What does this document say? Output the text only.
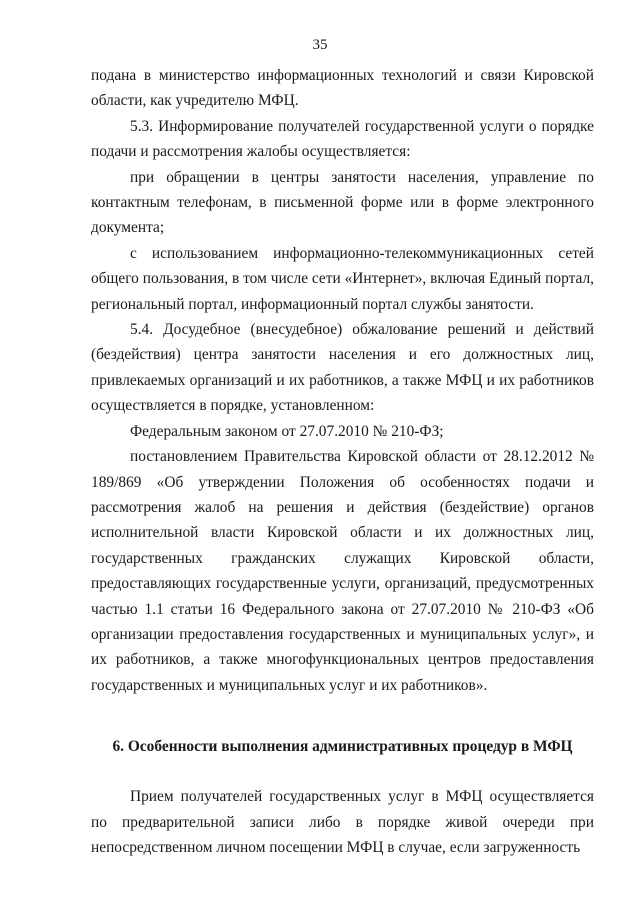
35

подана в министерство информационных технологий и связи Кировской области, как учредителю МФЦ.

5.3. Информирование получателей государственной услуги о порядке подачи и рассмотрения жалобы осуществляется:

при обращении в центры занятости населения, управление по контактным телефонам, в письменной форме или в форме электронного документа;

с использованием информационно-телекоммуникационных сетей общего пользования, в том числе сети «Интернет», включая Единый портал, региональный портал, информационный портал службы занятости.

5.4. Досудебное (внесудебное) обжалование решений и действий (бездействия) центра занятости населения и его должностных лиц, привлекаемых организаций и их работников, а также МФЦ и их работников осуществляется в порядке, установленном:

Федеральным законом от 27.07.2010 № 210-ФЗ;

постановлением Правительства Кировской области от 28.12.2012 № 189/869 «Об утверждении Положения об особенностях подачи и рассмотрения жалоб на решения и действия (бездействие) органов исполнительной власти Кировской области и их должностных лиц, государственных гражданских служащих Кировской области, предоставляющих государственные услуги, организаций, предусмотренных частью 1.1 статьи 16 Федерального закона от 27.07.2010 № 210-ФЗ «Об организации предоставления государственных и муниципальных услуг», и их работников, а также многофункциональных центров предоставления государственных и муниципальных услуг и их работников».

6. Особенности выполнения административных процедур в МФЦ

Прием получателей государственных услуг в МФЦ осуществляется по предварительной записи либо в порядке живой очереди при непосредственном личном посещении МФЦ в случае, если загруженность
